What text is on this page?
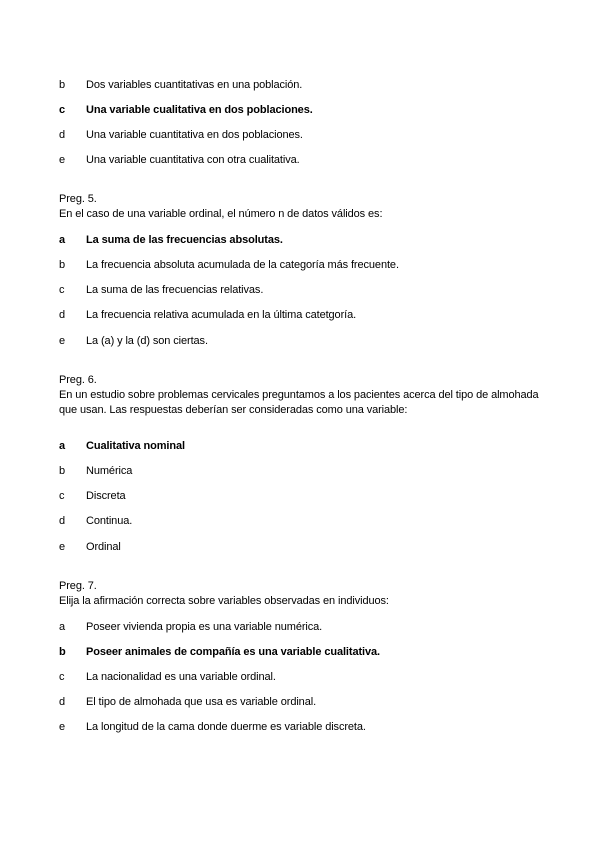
b Dos variables cuantitativas en una población.
c Una variable cualitativa en dos poblaciones.
d Una variable cuantitativa en dos poblaciones.
e Una variable cuantitativa con otra cualitativa.
Preg. 5.
En el caso de una variable ordinal, el número n de datos válidos es:
a La suma de las frecuencias absolutas.
b La frecuencia absoluta acumulada de la categoría más frecuente.
c La suma de las frecuencias relativas.
d La frecuencia relativa acumulada en la última catetgoría.
e La (a) y la (d) son ciertas.
Preg. 6.
En un estudio sobre problemas cervicales preguntamos a los pacientes acerca del tipo de almohada que usan. Las respuestas deberían ser consideradas como una variable:
a Cualitativa nominal
b Numérica
c Discreta
d Continua.
e Ordinal
Preg. 7.
Elija la afirmación correcta sobre variables observadas en individuos:
a Poseer vivienda propia es una variable numérica.
b Poseer animales de compañía es una variable cualitativa.
c La nacionalidad es una variable ordinal.
d El tipo de almohada que usa es variable ordinal.
e La longitud de la cama donde duerme es variable discreta.
